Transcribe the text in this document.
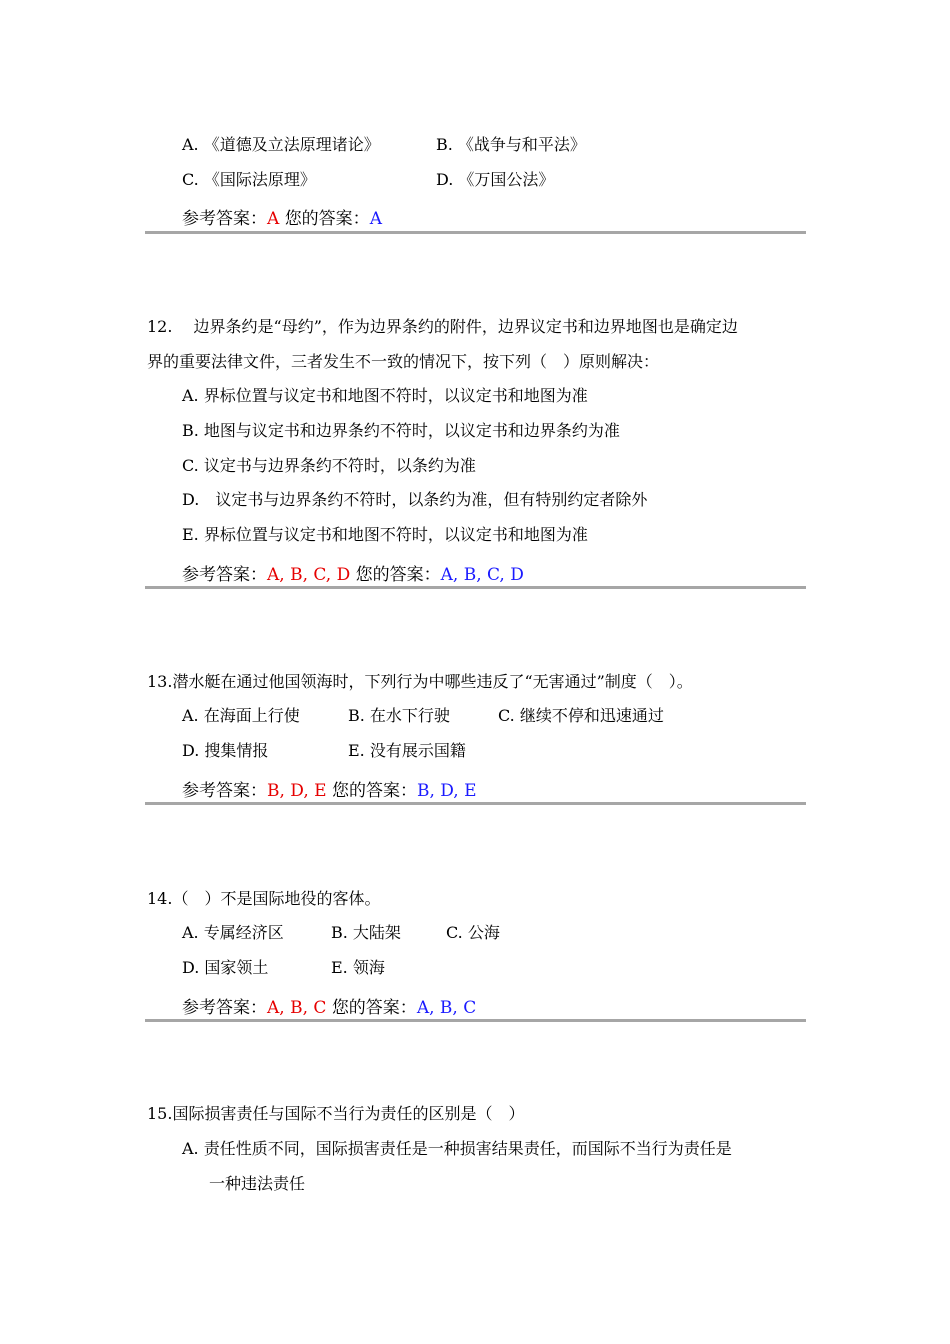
A. 《道德及立法原理诸论》	B. 《战争与和平法》
C. 《国际法原理》	D. 《万国公法》
参考答案：A 您的答案：A
12.　 边界条约是“母约”，作为边界条约的附件，边界议定书和边界地图也是确定边
界的重要法律文件，三者发生不一致的情况下，按下列（　）原则解决：
A. 界标位置与议定书和地图不符时，以议定书和地图为准
B. 地图与议定书和边界条约不符时，以议定书和边界条约为准
C. 议定书与边界条约不符时，以条约为准
D.　议定书与边界条约不符时，以条约为准，但有特别约定者除外
E. 界标位置与议定书和地图不符时，以议定书和地图为准
参考答案：A, B, C, D 您的答案：A, B, C, D
13.潜水艇在通过他国领海时，下列行为中哪些违反了“无害通过”制度（　）。
A. 在海面上行使	B. 在水下行驶	C. 继续不停和迅速通过
D. 搜集情报	E. 没有展示国籍
参考答案：B, D, E 您的答案：B, D, E
14.（　）不是国际地役的客体。
A. 专属经济区	B. 大陆架	C. 公海
D. 国家领土	E. 领海
参考答案：A, B, C 您的答案：A, B, C
15.国际损害责任与国际不当行为责任的区别是（　）
A. 责任性质不同，国际损害责任是一种损害结果责任，而国际不当行为责任是
一种违法责任
